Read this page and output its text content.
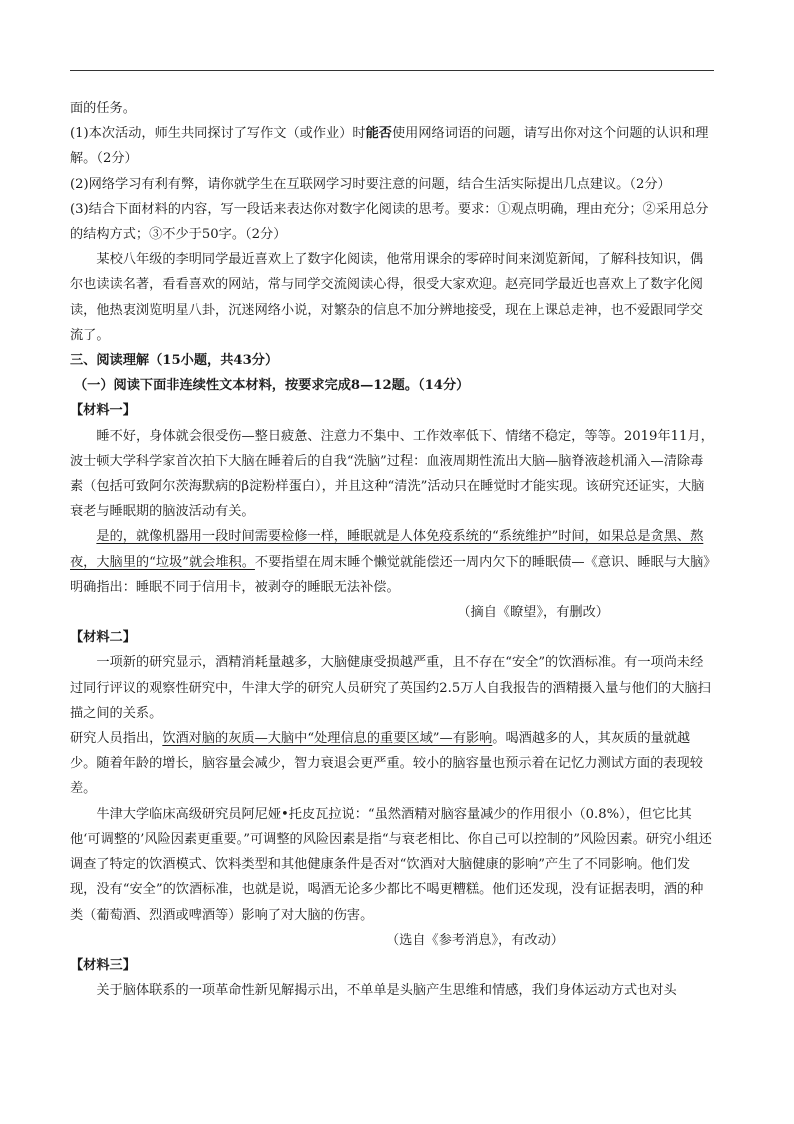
面的任务。

(1)本次活动，师生共同探讨了写作文（或作业）时能否使用网络词语的问题，请写出你对这个问题的认识和理解。（2分）

(2)网络学习有利有弊，请你就学生在互联网学习时要注意的问题，结合生活实际提出几点建议。（2分）

(3)结合下面材料的内容，写一段话来表达你对数字化阅读的思考。要求：①观点明确，理由充分；②采用总分的结构方式；③不少于50字。（2分）

某校八年级的李明同学最近喜欢上了数字化阅读，他常用课余的零碎时间来浏览新闻，了解科技知识，偶尔也读读名著，看看喜欢的网站，常与同学交流阅读心得，很受大家欢迎。赵亮同学最近也喜欢上了数字化阅读，他热衷浏览明星八卦，沉迷网络小说，对繁杂的信息不加分辨地接受，现在上课总走神，也不爱跟同学交流了。

三、阅读理解（15小题，共43分）

（一）阅读下面非连续性文本材料，按要求完成8—12题。（14分）

【材料一】

睡不好，身体就会很受伤—整日疲惫、注意力不集中、工作效率低下、情绪不稳定，等等。2019年11月，波士顿大学科学家首次拍下大脑在睡着后的自我“洗脑”过程：血液周期性流出大脑—脑脊液趁机涌入—清除毒素（包括可致阿尔茨海默病的β淀粉样蛋白），并且这种“清洗”活动只在睡觉时才能实现。该研究还证实，大脑衰老与睡眠期的脑波活动有关。

是的，就像机器用一段时间需要检修一样，睡眠就是人体免疫系统的“系统维护”时间，如果总是贪黑、熬夜，大脑里的“垃圾”就会堆积。不要指望在周末睡个懒觉就能偿还一周内欠下的睡眠债—《意识、睡眠与大脑》明确指出：睡眠不同于信用卡，被剥夺的睡眠无法补偿。

（摘自《瞭望》，有删改）

【材料二】

一项新的研究显示，酒精消耗量越多，大脑健康受损越严重，且不存在“安全”的饮酒标准。有一项尚未经过同行评议的观察性研究中，牛津大学的研究人员研究了英国约2.5万人自我报告的酒精摄入量与他们的大脑扫描之间的关系。

研究人员指出，饮酒对脑的灰质—大脑中“处理信息的重要区域”—有影响。喝酒越多的人，其灰质的量就越少。随着年龄的增长，脑容量会减少，智力衰退会更严重。较小的脑容量也预示着在记忆力测试方面的表现较差。

牛津大学临床高级研究员阿尼娅•托皮瓦拉说：“虽然酒精对脑容量减少的作用很小（0.8%），但它比其他‘可调整的’风险因素更重要。”可调整的风险因素是指“与衰老相比、你自己可以控制的”风险因素。研究小组还调查了特定的饮酒模式、饮料类型和其他健康条件是否对“饮酒对大脑健康的影响”产生了不同影响。他们发现，没有“安全”的饮酒标准，也就是说，喝酒无论多少都比不喝更糟糕。他们还发现，没有证据表明，酒的种类（葡萄酒、烈酒或啤酒等）影响了对大脑的伤害。

（选自《参考消息》，有改动）

【材料三】

关于脑体联系的一项革命性新见解揭示出，不单单是头脑产生思维和情感，我们身体运动方式也对头
